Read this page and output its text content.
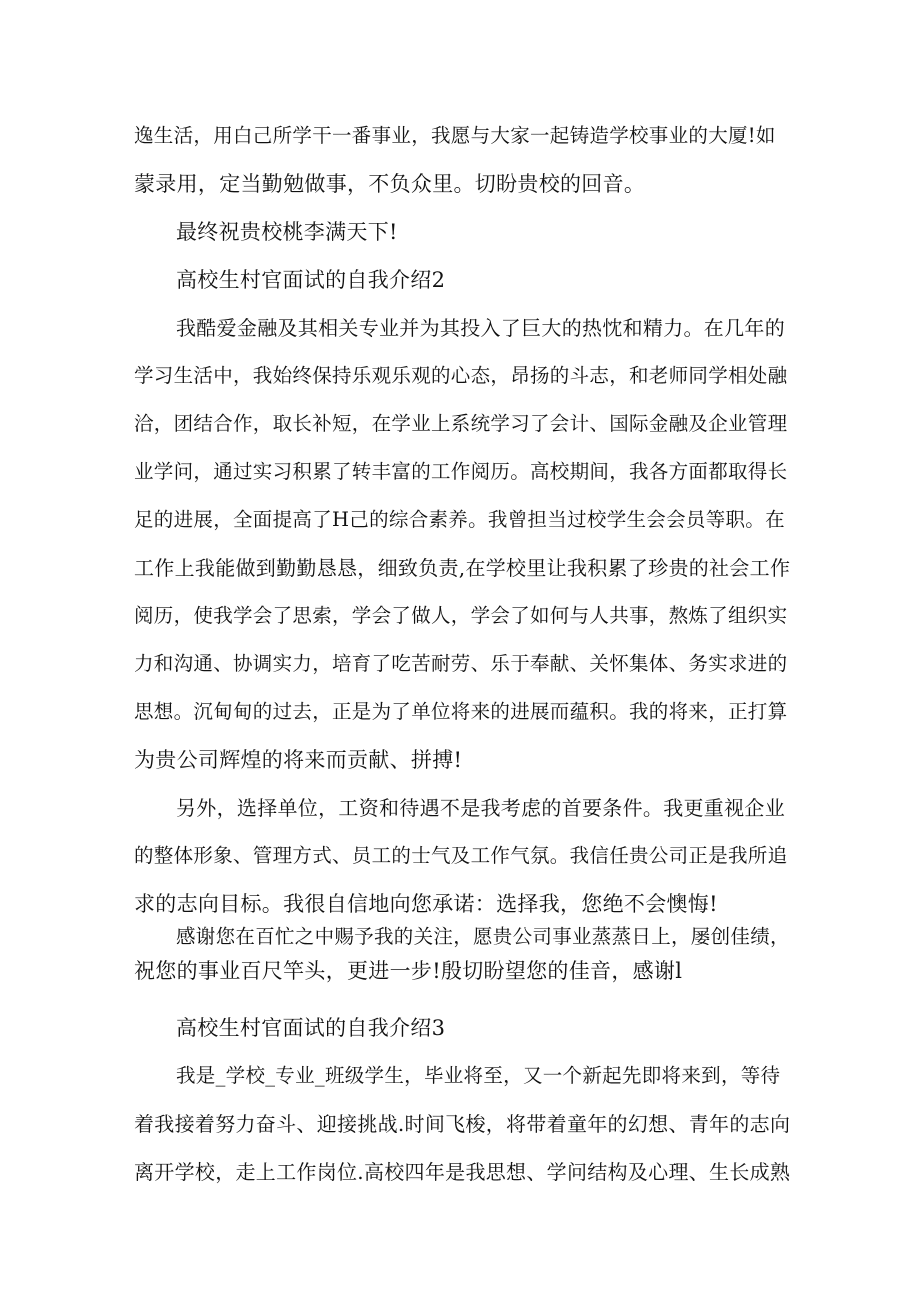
逸生活，用白己所学干一番事业，我愿与大家一起铸造学校事业的大厦!如
蒙录用，定当勤勉做事，不负众里。切盼贵校的回音。
最终祝贵校桃李满天下!
高校生村官面试的自我介绍2
我酷爱金融及其相关专业并为其投入了巨大的热忱和精力。在几年的
学习生活中，我始终保持乐观乐观的心态，昂扬的斗志，和老师同学相处融
洽，团结合作，取长补短，在学业上系统学习了会计、国际金融及企业管理
业学问，通过实习积累了转丰富的工作阅历。高校期间，我各方面都取得长
足的进展，全面提高了H己的综合素养。我曾担当过校学生会会员等职。在
工作上我能做到勤勤恳恳，细致负责,在学校里让我积累了珍贵的社会工作
阅历，使我学会了思索，学会了做人，学会了如何与人共事，熬炼了组织实
力和沟通、协调实力，培育了吃苦耐劳、乐于奉献、关怀集体、务实求进的
思想。沉甸甸的过去，正是为了单位将来的进展而蕴积。我的将来，正打算
为贵公司辉煌的将来而贡献、拼搏!
另外，选择单位，工资和待遇不是我考虑的首要条件。我更重视企业
的整体形象、管理方式、员工的士气及工作气氛。我信任贵公司正是我所追
求的志向目标。我很自信地向您承诺：选择我，您绝不会懊悔!
感谢您在百忙之中赐予我的关注，愿贵公司事业蒸蒸日上，屡创佳绩，
祝您的事业百尺竿头，更进一步!殷切盼望您的佳音，感谢l
高校生村官面试的自我介绍3
我是_学校_专业_班级学生，毕业将至，又一个新起先即将来到，等待
着我接着努力奋斗、迎接挑战.时间飞梭，将带着童年的幻想、青年的志向
离开学校，走上工作岗位.高校四年是我思想、学问结构及心理、生长成熟
